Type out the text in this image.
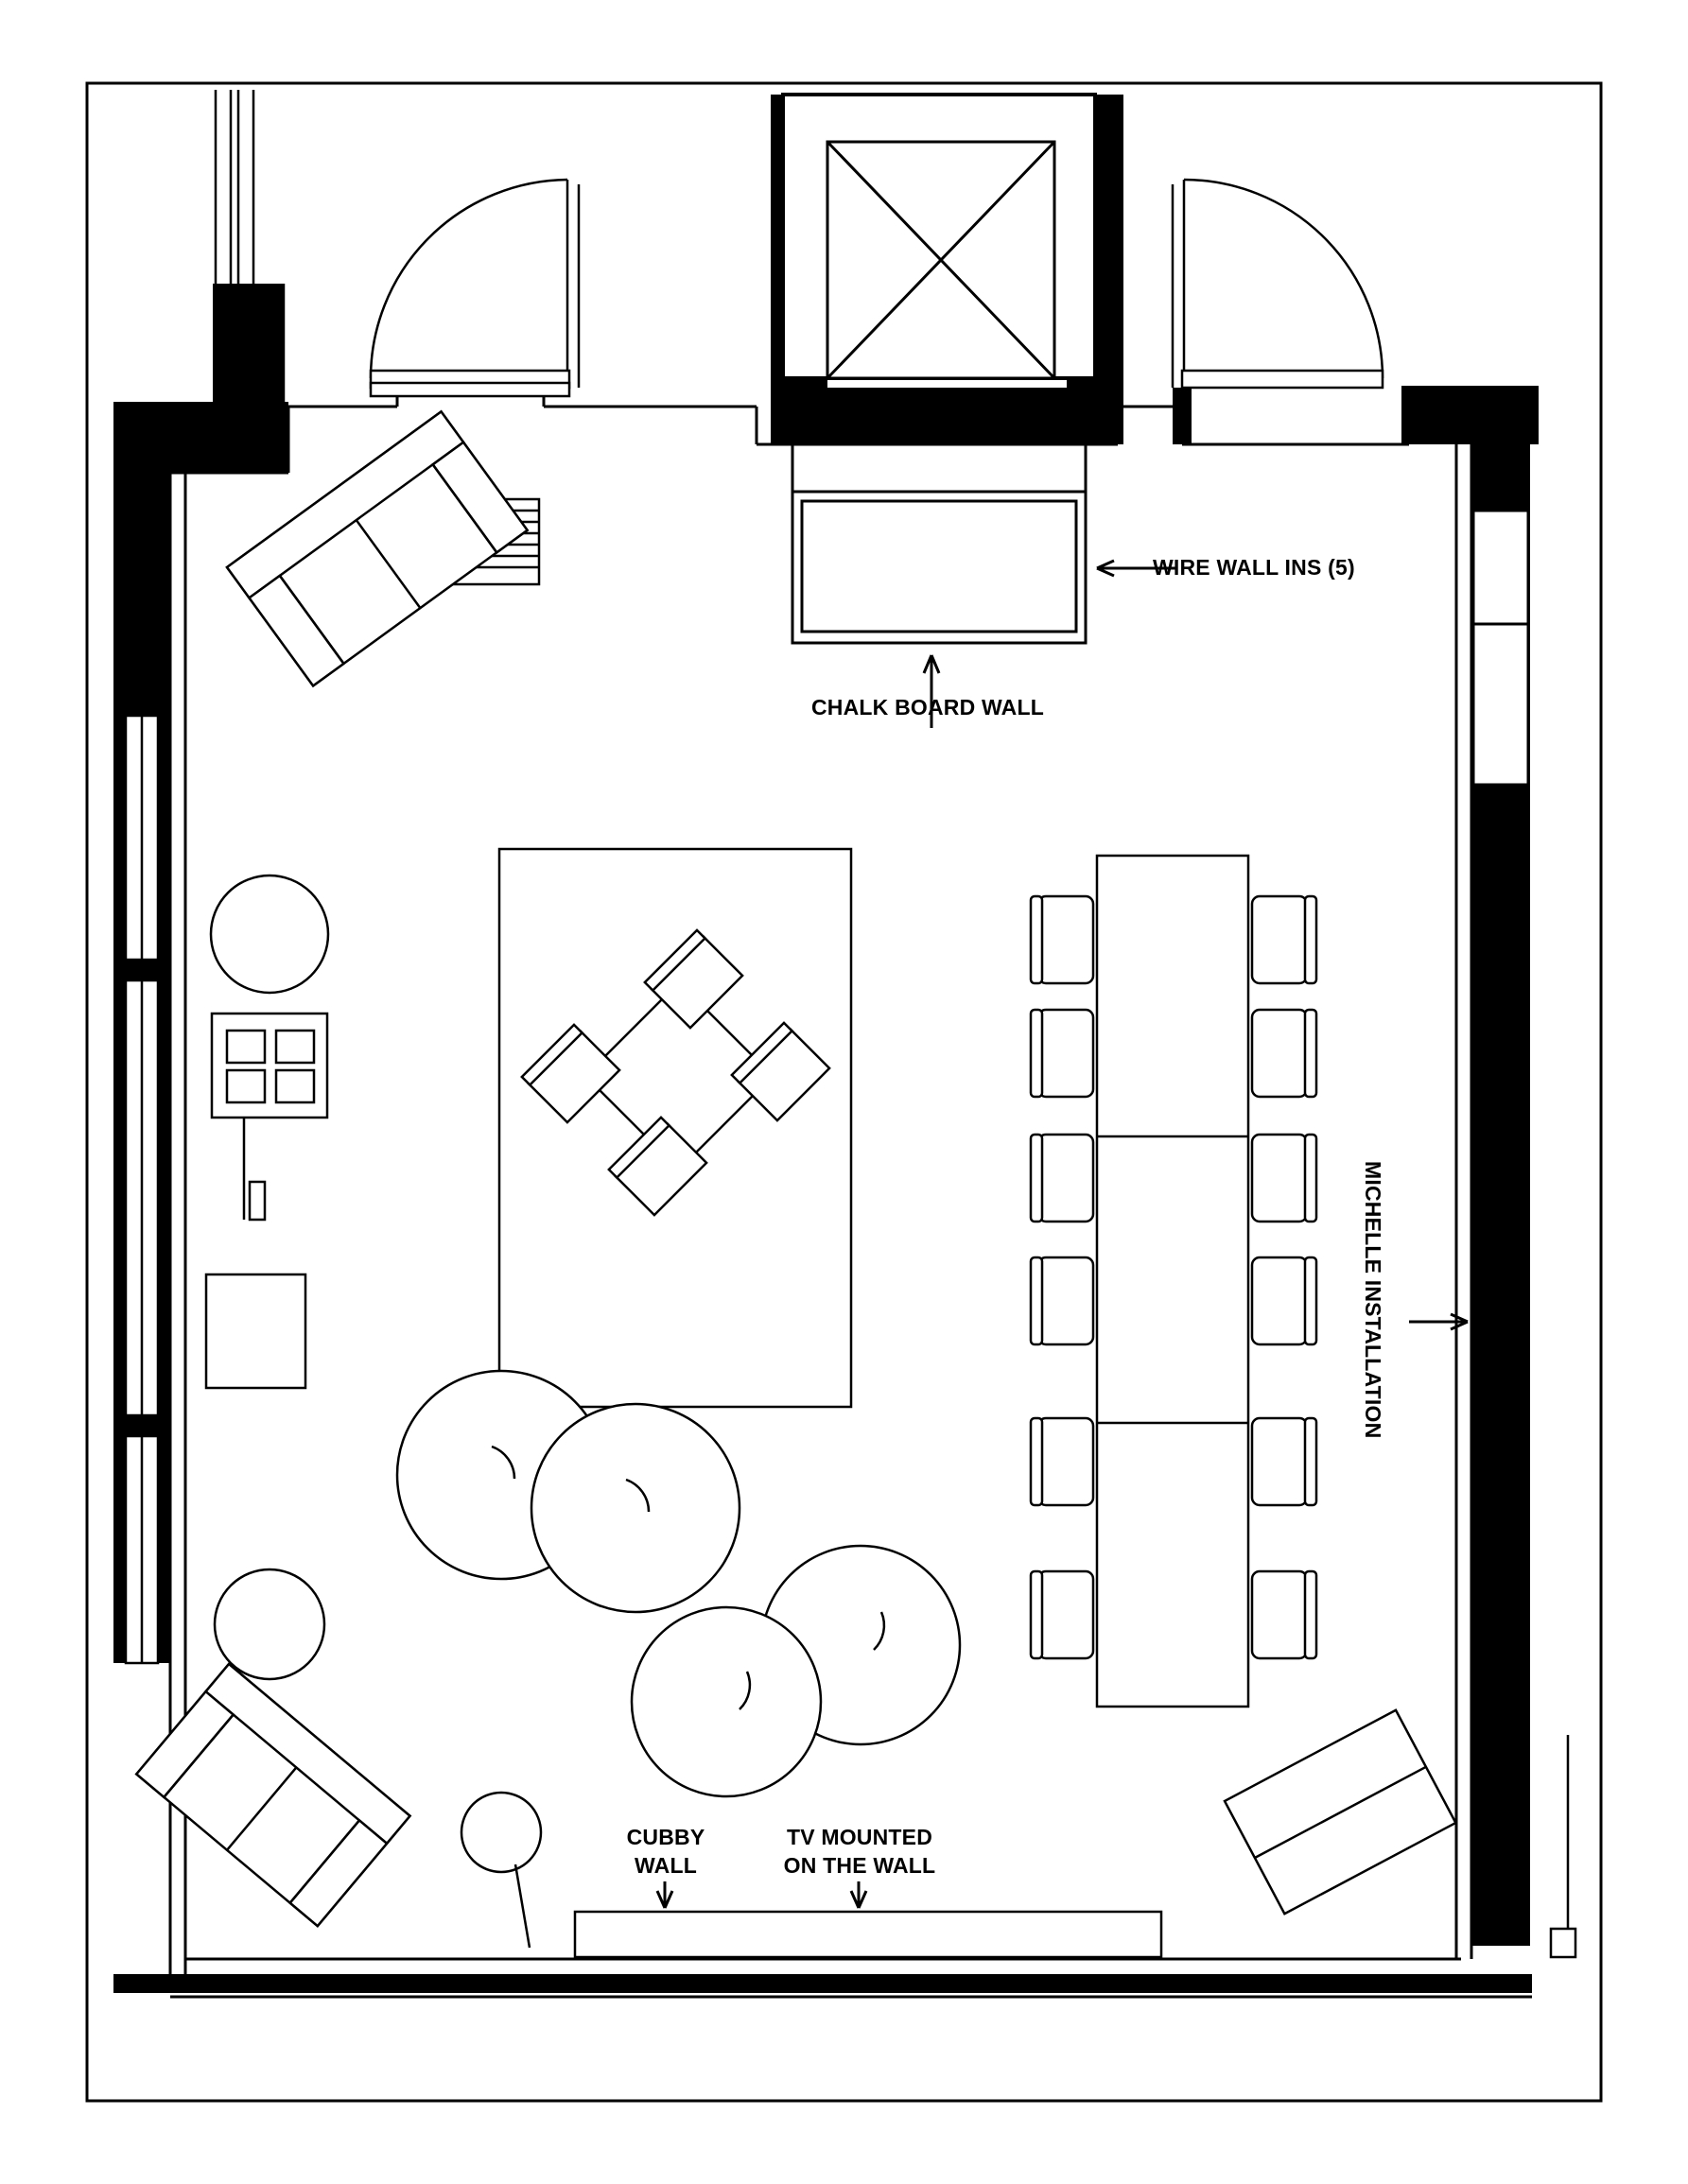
WIRE WALL INS (5)
CHALK BOARD WALL
MICHELLE INSTALLATION
CUBBY
WALL
TV MOUNTED
ON THE WALL
